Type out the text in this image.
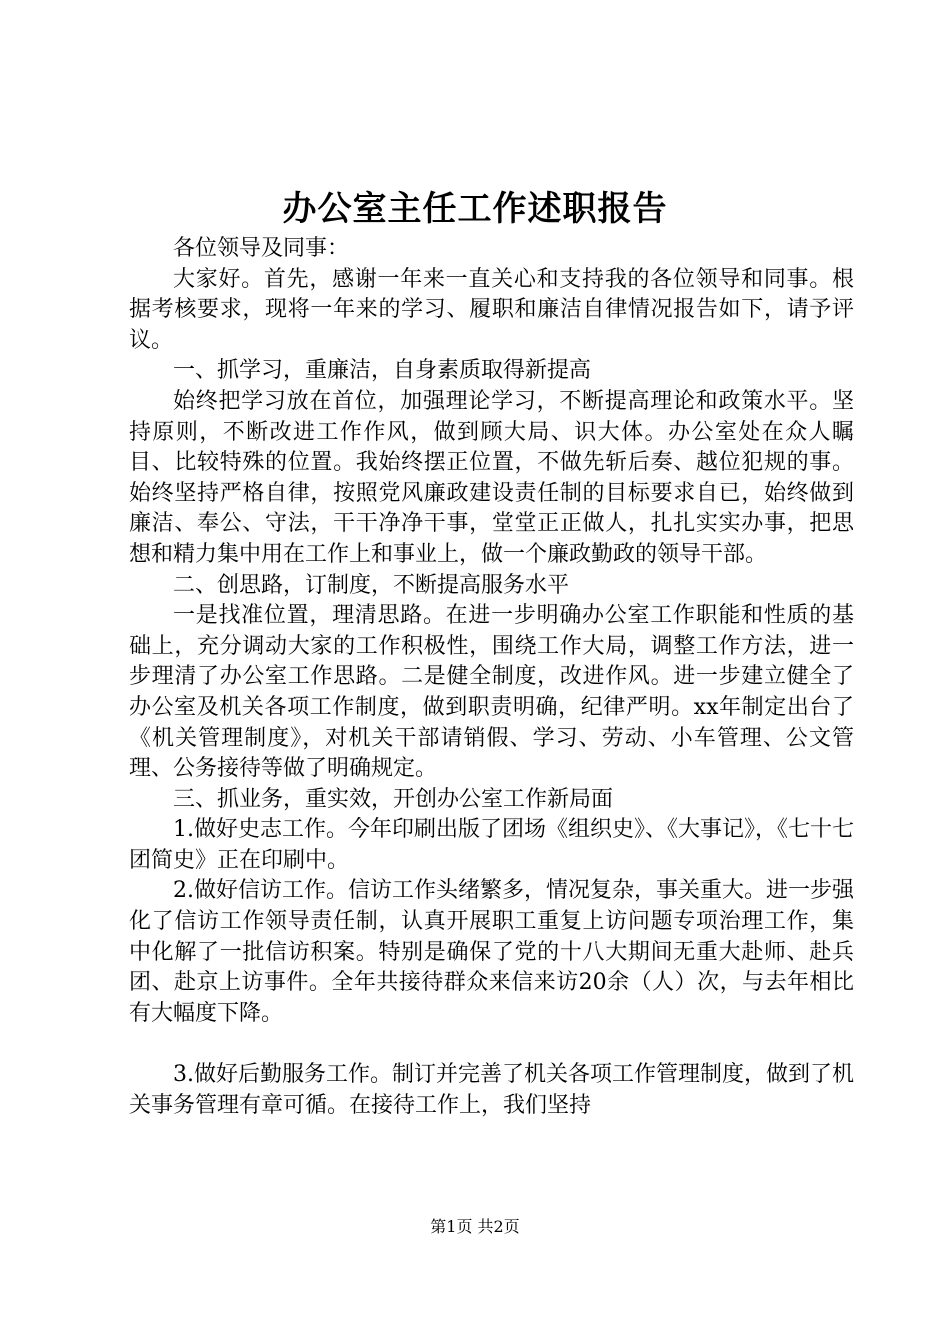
办公室主任工作述职报告

各位领导及同事：

大家好。首先，感谢一年来一直关心和支持我的各位领导和同事。根据考核要求，现将一年来的学习、履职和廉洁自律情况报告如下，请予评议。

一、抓学习，重廉洁，自身素质取得新提高

始终把学习放在首位，加强理论学习，不断提高理论和政策水平。坚持原则，不断改进工作作风，做到顾大局、识大体。办公室处在众人瞩目、比较特殊的位置。我始终摆正位置，不做先斩后奏、越位犯规的事。始终坚持严格自律，按照党风廉政建设责任制的目标要求自已，始终做到廉洁、奉公、守法，干干净净干事，堂堂正正做人，扎扎实实办事，把思想和精力集中用在工作上和事业上，做一个廉政勤政的领导干部。

二、创思路，订制度，不断提高服务水平

一是找准位置，理清思路。在进一步明确办公室工作职能和性质的基础上，充分调动大家的工作积极性，围绕工作大局，调整工作方法，进一步理清了办公室工作思路。二是健全制度，改进作风。进一步建立健全了办公室及机关各项工作制度，做到职责明确，纪律严明。xx年制定出台了《机关管理制度》，对机关干部请销假、学习、劳动、小车管理、公文管理、公务接待等做了明确规定。

三、抓业务，重实效，开创办公室工作新局面

1.做好史志工作。今年印刷出版了团场《组织史》、《大事记》，《七十七团简史》正在印刷中。

2.做好信访工作。信访工作头绪繁多，情况复杂，事关重大。进一步强化了信访工作领导责任制，认真开展职工重复上访问题专项治理工作，集中化解了一批信访积案。特别是确保了党的十八大期间无重大赴师、赴兵团、赴京上访事件。全年共接待群众来信来访20余（人）次，与去年相比有大幅度下降。

3.做好后勤服务工作。制订并完善了机关各项工作管理制度，做到了机关事务管理有章可循。在接待工作上，我们坚持

第1页 共2页
